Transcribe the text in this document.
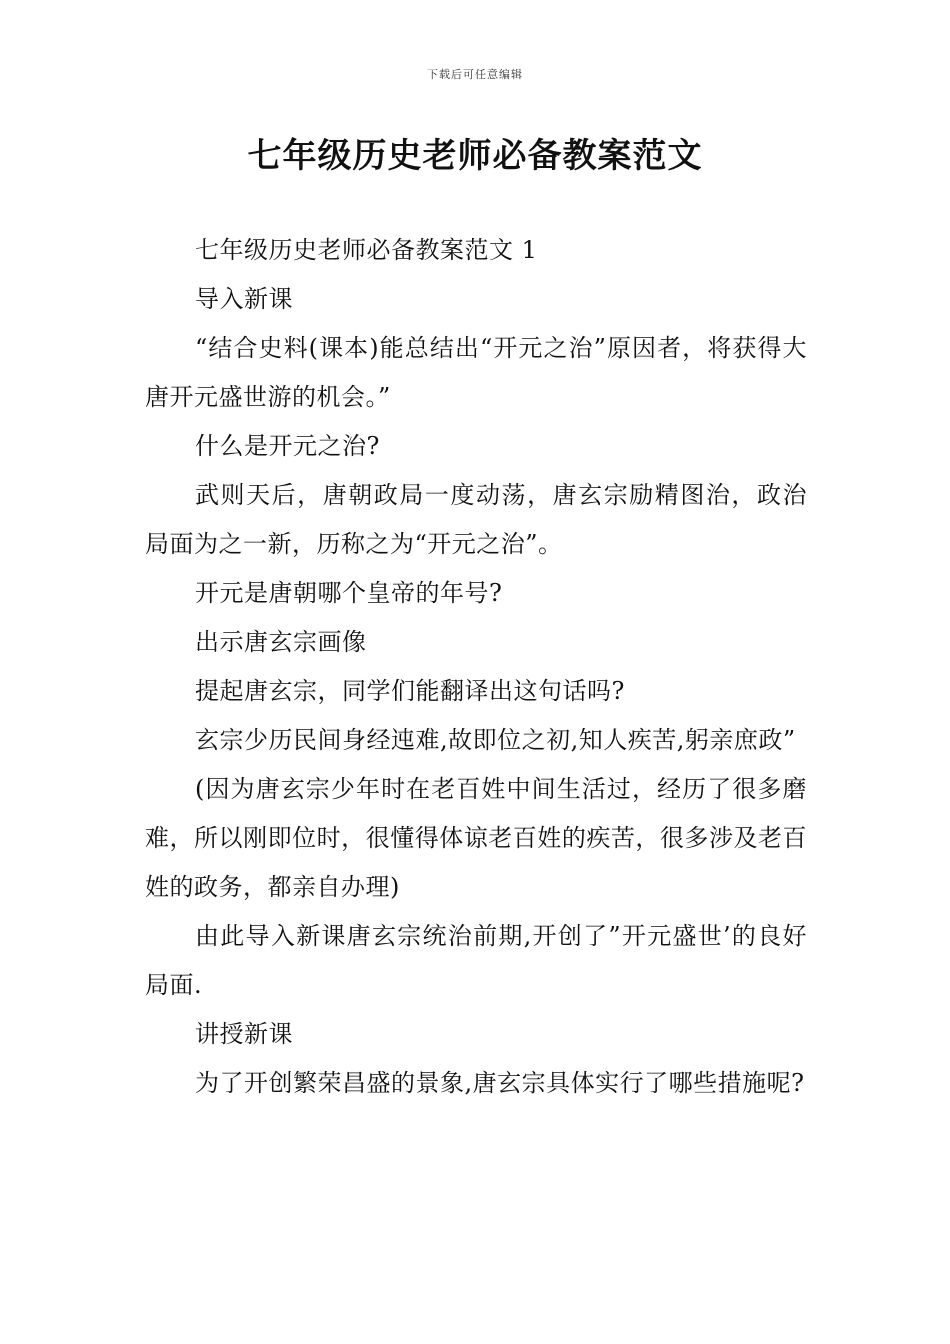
下载后可任意编辑
七年级历史老师必备教案范文

七年级历史老师必备教案范文 1

导入新课

“结合史料(课本)能总结出“开元之治”原因者，将获得大唐开元盛世游的机会。”

什么是开元之治?

武则天后，唐朝政局一度动荡，唐玄宗励精图治，政治局面为之一新，历称之为“开元之治”。

开元是唐朝哪个皇帝的年号?

出示唐玄宗画像

提起唐玄宗，同学们能翻译出这句话吗?

玄宗少历民间身经迍难,故即位之初,知人疾苦,躬亲庶政”

(因为唐玄宗少年时在老百姓中间生活过，经历了很多磨难，所以刚即位时，很懂得体谅老百姓的疾苦，很多涉及老百姓的政务，都亲自办理)

由此导入新课唐玄宗统治前期,开创了”开元盛世’的良好局面.

讲授新课

为了开创繁荣昌盛的景象,唐玄宗具体实行了哪些措施呢?
